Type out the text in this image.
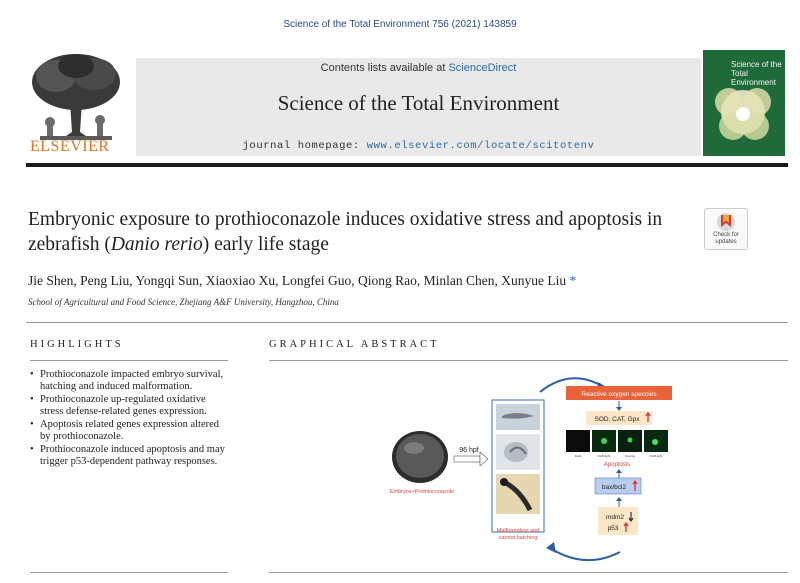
Science of the Total Environment 756 (2021) 143859
ELSEVIER
Contents lists available at ScienceDirect
Science of the Total Environment
journal homepage: www.elsevier.com/locate/scitotenv
Science of the
Total Environment
Embryonic exposure to prothioconazole induces oxidative stress and apoptosis in zebrafish (Danio rerio) early life stage	Check for
updates
Jie Shen, Peng Liu, Yongqi Sun, Xiaoxiao Xu, Longfei Guo, Qiong Rao, Minlan Chen, Xunyue Liu *
School of Agricultural and Food Science, Zhejiang A&F University, Hangzhou, China
HIGHLIGHTS	GRAPHICAL ABSTRACT
• Prothioconazole impacted embryo survival, hatching and induced malformation.
• Prothioconazole up-regulated oxidative stress defense-related genes expression.
• Apoptosis related genes expression altered by prothioconazole.
• Prothioconazole induced apoptosis and may trigger p53-dependent pathway responses.
Embryos+Prothioconazole
96 hpf
Malformation and
cannot hatching
Reactive oxygen speccies
SOD, CAT, Gpx
Field	DAB-light	Overlay	DAB-light
Apoptosis
bax/bcl2
mdm2
p53
